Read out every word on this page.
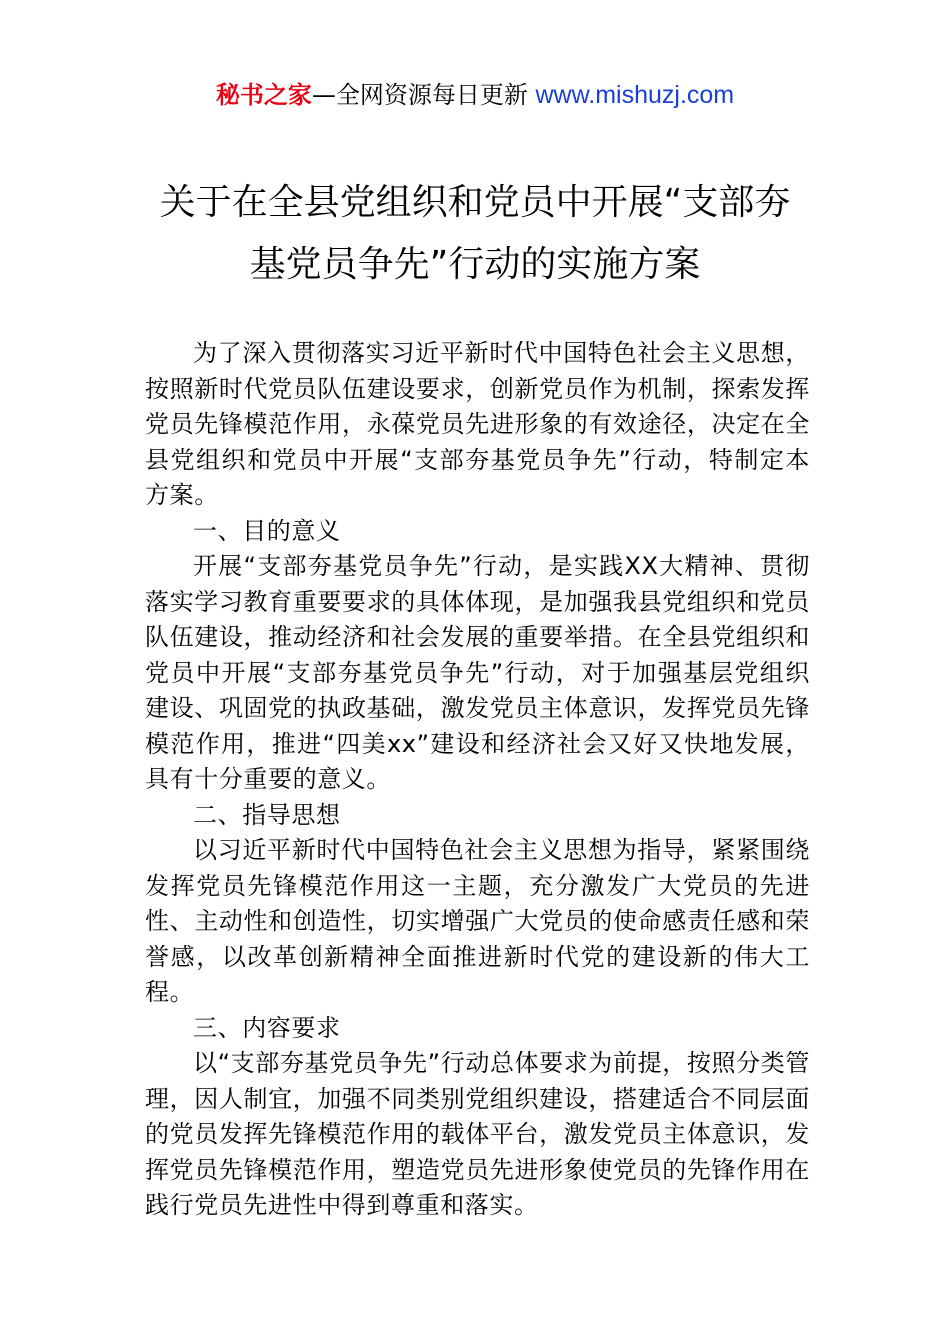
秘书之家—全网资源每日更新 www.mishuzj.com
关于在全县党组织和党员中开展“支部夯
基党员争先”行动的实施方案

为了深入贯彻落实习近平新时代中国特色社会主义思想，按照新时代党员队伍建设要求，创新党员作为机制，探索发挥党员先锋模范作用，永葆党员先进形象的有效途径，决定在全县党组织和党员中开展“支部夯基党员争先”行动，特制定本方案。

一、目的意义

开展“支部夯基党员争先”行动，是实践XX大精神、贯彻落实学习教育重要要求的具体体现，是加强我县党组织和党员队伍建设，推动经济和社会发展的重要举措。在全县党组织和党员中开展“支部夯基党员争先”行动，对于加强基层党组织建设、巩固党的执政基础，激发党员主体意识，发挥党员先锋模范作用，推进“四美xx”建设和经济社会又好又快地发展，具有十分重要的意义。

二、指导思想

以习近平新时代中国特色社会主义思想为指导，紧紧围绕发挥党员先锋模范作用这一主题，充分激发广大党员的先进性、主动性和创造性，切实增强广大党员的使命感责任感和荣誉感，以改革创新精神全面推进新时代党的建设新的伟大工程。

三、内容要求

以“支部夯基党员争先”行动总体要求为前提，按照分类管理，因人制宜，加强不同类别党组织建设，搭建适合不同层面的党员发挥先锋模范作用的载体平台，激发党员主体意识，发挥党员先锋模范作用，塑造党员先进形象使党员的先锋作用在践行党员先进性中得到尊重和落实。
